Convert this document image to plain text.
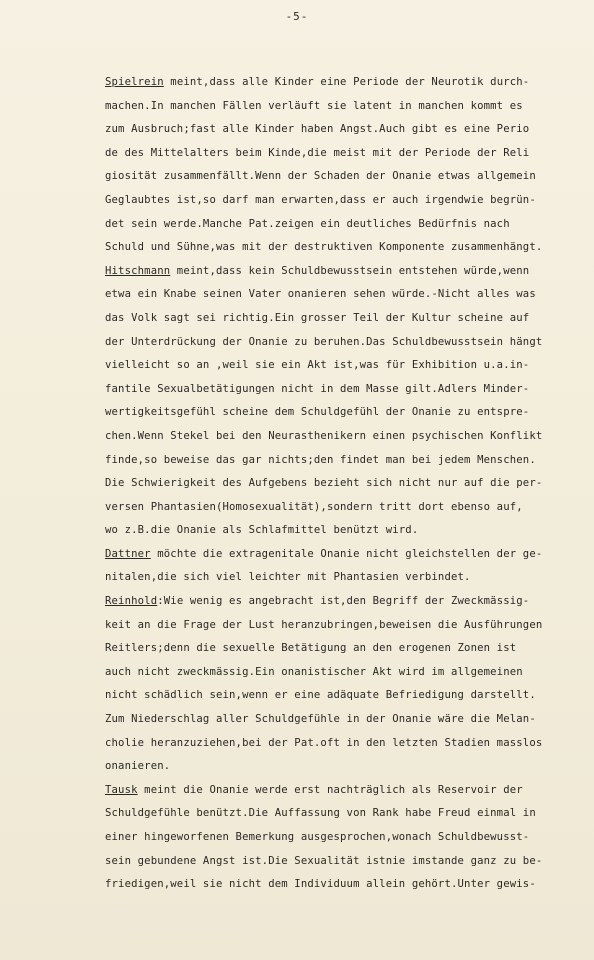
-5-
Spielrein meint,dass alle Kinder eine Periode der Neurotik durch-
machen.In manchen Fällen verläuft sie latent in manchen kommt es
zum Ausbruch;fast alle Kinder haben Angst.Auch gibt es eine Perio
de des Mittelalters beim Kinde,die meist mit der Periode der Reli
giosität zusammenfällt.Wenn der Schaden der Onanie etwas allgemein
Geglaubtes ist,so darf man erwarten,dass er auch irgendwie begrün-
det sein werde.Manche Pat.zeigen ein deutliches Bedürfnis nach
Schuld und Sühne,was mit der destruktiven Komponente zusammenhängt.
Hitschmann meint,dass kein Schuldbewusstsein entstehen würde,wenn
etwa ein Knabe seinen Vater onanieren sehen würde.-Nicht alles was
das Volk sagt sei richtig.Ein grosser Teil der Kultur scheine auf
der Unterdrückung der Onanie zu beruhen.Das Schuldbewusstsein hängt
vielleicht so an ,weil sie ein Akt ist,was für Exhibition u.a.in-
fantile Sexualbetätigungen nicht in dem Masse gilt.Adlers Minder-
wertigkeitsgefühl scheine dem Schuldgefühl der Onanie zu entspre-
chen.Wenn Stekel bei den Neurasthenikern einen psychischen Konflikt
finde,so beweise das gar nichts;den findet man bei jedem Menschen.
Die Schwierigkeit des Aufgebens bezieht sich nicht nur auf die per-
versen Phantasien(Homosexualität),sondern tritt dort ebenso auf,
wo z.B.die Onanie als Schlafmittel benützt wird.
Dattner möchte die extragenitale Onanie nicht gleichstellen der ge-
nitalen,die sich viel leichter mit Phantasien verbindet.
Reinhold:Wie wenig es angebracht ist,den Begriff der Zweckmässig-
keit an die Frage der Lust heranzubringen,beweisen die Ausführungen
Reitlers;denn die sexuelle Betätigung an den erogenen Zonen ist
auch nicht zweckmässig.Ein onanistischer Akt wird im allgemeinen
nicht schädlich sein,wenn er eine adäquate Befriedigung darstellt.
Zum Niederschlag aller Schuldgefühle in der Onanie wäre die Melan-
cholie heranzuziehen,bei der Pat.oft in den letzten Stadien masslos
onanieren.
Tausk meint die Onanie werde erst nachträglich als Reservoir der
Schuldgefühle benützt.Die Auffassung von Rank habe Freud einmal in
einer hingeworfenen Bemerkung ausgesprochen,wonach Schuldbewusst-
sein gebundene Angst ist.Die Sexualität istnie imstande ganz zu be-
friedigen,weil sie nicht dem Individuum allein gehört.Unter gewis-
